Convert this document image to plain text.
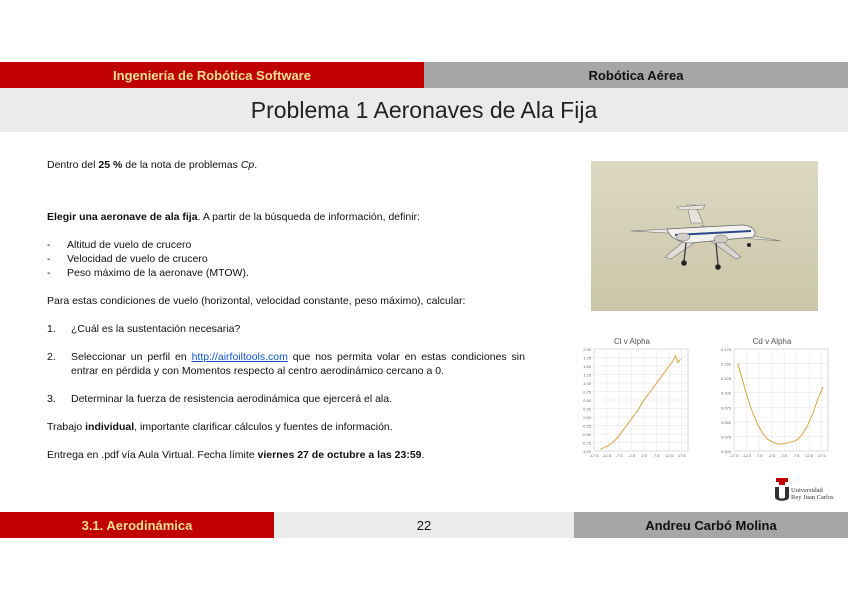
Ingeniería de Robótica Software	Robótica Aérea
Problema 1 Aeronaves de Ala Fija

Dentro del 25 % de la nota de problemas Cp.

Elegir una aeronave de ala fija. A partir de la búsqueda de información, definir:

-	Altitud de vuelo de crucero
-	Velocidad de vuelo de crucero
-	Peso máximo de la aeronave (MTOW).

Para estas condiciones de vuelo (horizontal, velocidad constante, peso máximo), calcular:

1.	¿Cuál es la sustentación necesaria?
2.	Seleccionar un perfil en http://airfoiltools.com que nos permita volar en estas condiciones sin entrar en pérdida y con Momentos respecto al centro aerodinámico cercano a 0.
3.	Determinar la fuerza de resistencia aerodinámica que ejercerá el ala.

Trabajo individual, importante clarificar cálculos y fuentes de información.

Entrega en .pdf vía Aula Virtual. Fecha límite viernes 27 de octubre a las 23:59.

Cl v Alpha
-1.00
-0.75
-0.50
-0.25
0.00
0.25
0.50
0.75
1.00
1.25
1.50
1.75
2.00
-17.5 -12.5 -7.5 -2.5 2.5 7.5 12.5 17.5
Cd v Alpha
0.000
0.025
0.050
0.075
0.100
0.125
0.150
0.175
-17.5 -12.5 -7.5 -2.5 2.5 7.5 12.5 17.5
Universidad
Rey Juan Carlos
3.1. Aerodinámica	22	Andreu Carbó Molina
